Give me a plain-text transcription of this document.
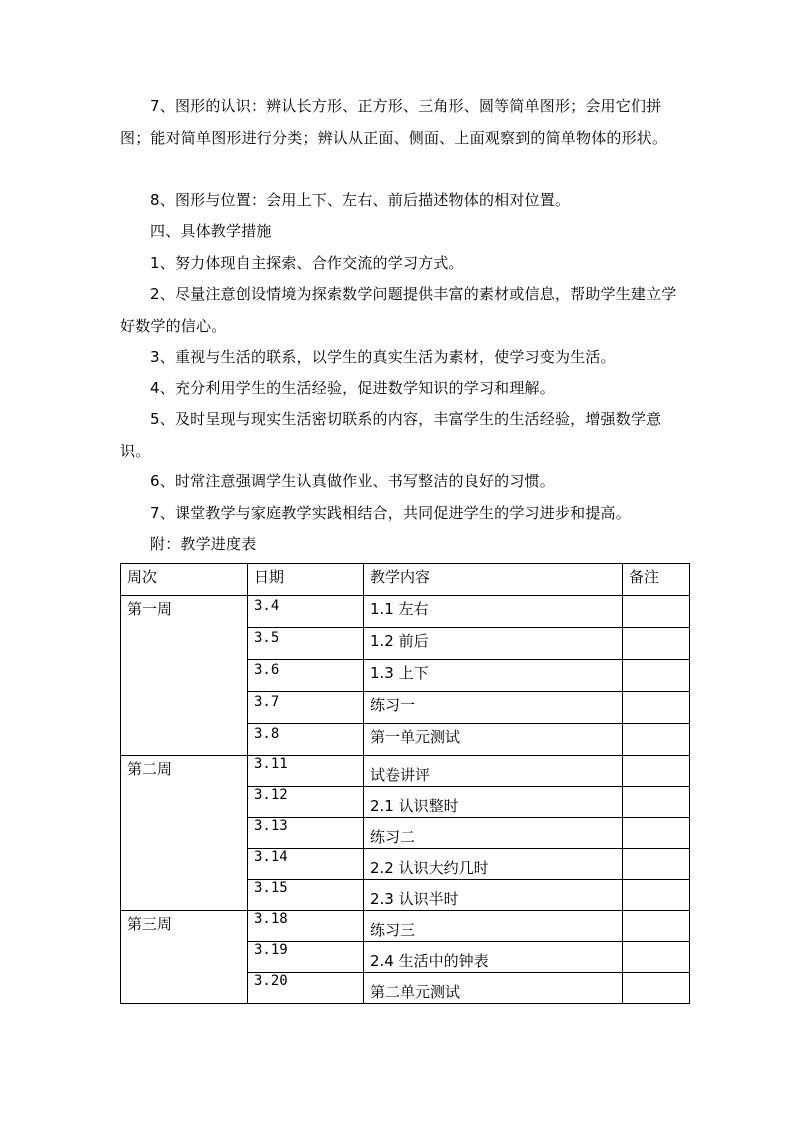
7、图形的认识：辨认长方形、正方形、三角形、圆等简单图形；会用它们拼图；能对简单图形进行分类；辨认从正面、侧面、上面观察到的简单物体的形状。

8、图形与位置：会用上下、左右、前后描述物体的相对位置。

四、具体教学措施

1、努力体现自主探索、合作交流的学习方式。

2、尽量注意创设情境为探索数学问题提供丰富的素材或信息，帮助学生建立学好数学的信心。

3、重视与生活的联系，以学生的真实生活为素材，使学习变为生活。

4、充分利用学生的生活经验，促进数学知识的学习和理解。

5、及时呈现与现实生活密切联系的内容，丰富学生的生活经验，增强数学意识。

6、时常注意强调学生认真做作业、书写整洁的良好的习惯。

7、课堂教学与家庭教学实践相结合，共同促进学生的学习进步和提高。

附：教学进度表

周次	日期	教学内容	备注
第一周	3.4	1.1 左右	
	3.5	1.2 前后	
	3.6	1.3 上下	
	3.7	练习一	
	3.8	第一单元测试	
第二周	3.11	试卷讲评	
	3.12	2.1 认识整时	
	3.13	练习二	
	3.14	2.2 认识大约几时	
	3.15	2.3 认识半时	
第三周	3.18	练习三	
	3.19	2.4 生活中的钟表	
	3.20	第二单元测试	
